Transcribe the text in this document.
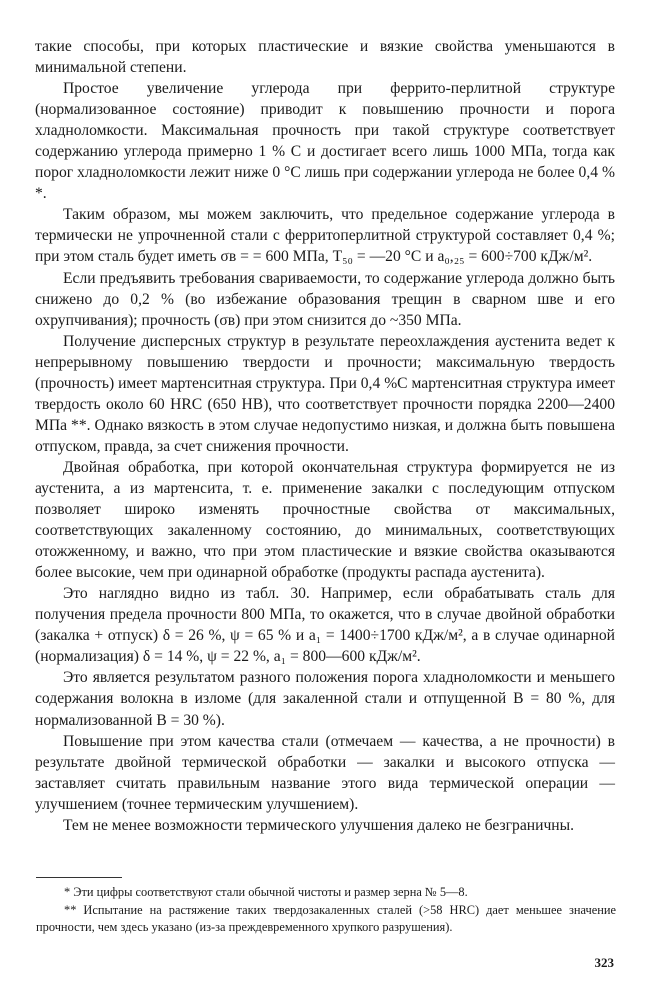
такие способы, при которых пластические и вязкие свойства уменьшаются в минимальной степени.

Простое увеличение углерода при феррито-перлитной структуре (нормализованное состояние) приводит к повышению прочности и порога хладноломкости. Максимальная прочность при такой структуре соответствует содержанию углерода примерно 1 % С и достигает всего лишь 1000 МПа, тогда как порог хладноломкости лежит ниже 0 °С лишь при содержании углерода не более 0,4 % *.

Таким образом, мы можем заключить, что предельное содержание углерода в термически не упрочненной стали с ферритоперлитной структурой составляет 0,4 %; при этом сталь будет иметь σв = = 600 МПа, T₅₀ = —20 °С и a₀,₂₅ = 600÷700 кДж/м².

Если предъявить требования свариваемости, то содержание углерода должно быть снижено до 0,2 % (во избежание образования трещин в сварном шве и его охрупчивания); прочность (σв) при этом снизится до ~350 МПа.

Получение дисперсных структур в результате переохлаждения аустенита ведет к непрерывному повышению твердости и прочности; максимальную твердость (прочность) имеет мартенситная структура. При 0,4 %С мартенситная структура имеет твердость около 60 HRC (650 НВ), что соответствует прочности порядка 2200—2400 МПа **. Однако вязкость в этом случае недопустимо низкая, и должна быть повышена отпуском, правда, за счет снижения прочности.

Двойная обработка, при которой окончательная структура формируется не из аустенита, а из мартенсита, т. е. применение закалки с последующим отпуском позволяет широко изменять прочностные свойства от максимальных, соответствующих закаленному состоянию, до минимальных, соответствующих отожженному, и важно, что при этом пластические и вязкие свойства оказываются более высокие, чем при одинарной обработке (продукты распада аустенита).

Это наглядно видно из табл. 30. Например, если обрабатывать сталь для получения предела прочности 800 МПа, то окажется, что в случае двойной обработки (закалка + отпуск) δ = 26 %, ψ = 65 % и a₁ = 1400÷1700 кДж/м², а в случае одинарной (нормализация) δ = 14 %, ψ = 22 %, a₁ = 800—600 кДж/м².

Это является результатом разного положения порога хладноломкости и меньшего содержания волокна в изломе (для закаленной стали и отпущенной В = 80 %, для нормализованной В = 30 %).

Повышение при этом качества стали (отмечаем — качества, а не прочности) в результате двойной термической обработки — закалки и высокого отпуска — заставляет считать правильным название этого вида термической операции — улучшением (точнее термическим улучшением).

Тем не менее возможности термического улучшения далеко не безграничны.

* Эти цифры соответствуют стали обычной чистоты и размер зерна № 5—8.

** Испытание на растяжение таких твердозакаленных сталей (>58 HRC) дает меньшее значение прочности, чем здесь указано (из-за преждевременного хрупкого разрушения).

323
